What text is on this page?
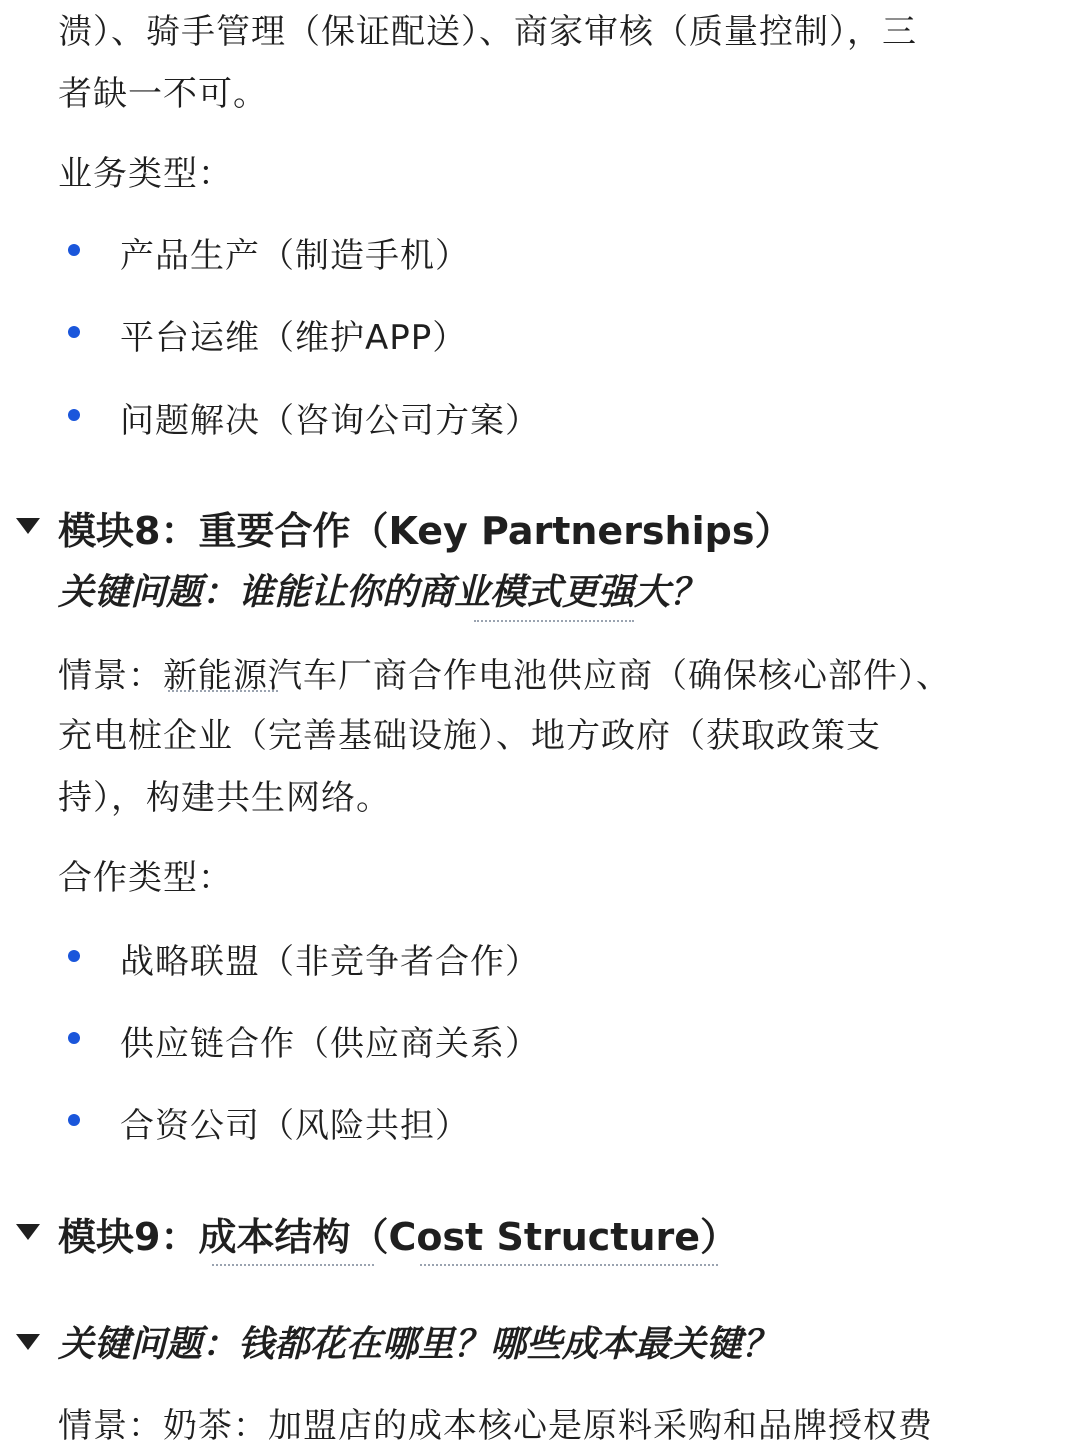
溃）、骑手管理（保证配送）、商家审核（质量控制），三
者缺一不可。
业务类型：
产品生产（制造手机）
平台运维（维护APP）
问题解决（咨询公司方案）
模块8：重要合作（Key Partnerships）
关键问题：谁能让你的商业模式更强大？
情景：新能源汽车厂商合作电池供应商（确保核心部件）、
充电桩企业（完善基础设施）、地方政府（获取政策支
持），构建共生网络。
合作类型：
战略联盟（非竞争者合作）
供应链合作（供应商关系）
合资公司（风险共担）
模块9：成本结构（Cost Structure）
关键问题：钱都花在哪里？哪些成本最关键？
情景：奶茶：加盟店的成本核心是原料采购和品牌授权费
